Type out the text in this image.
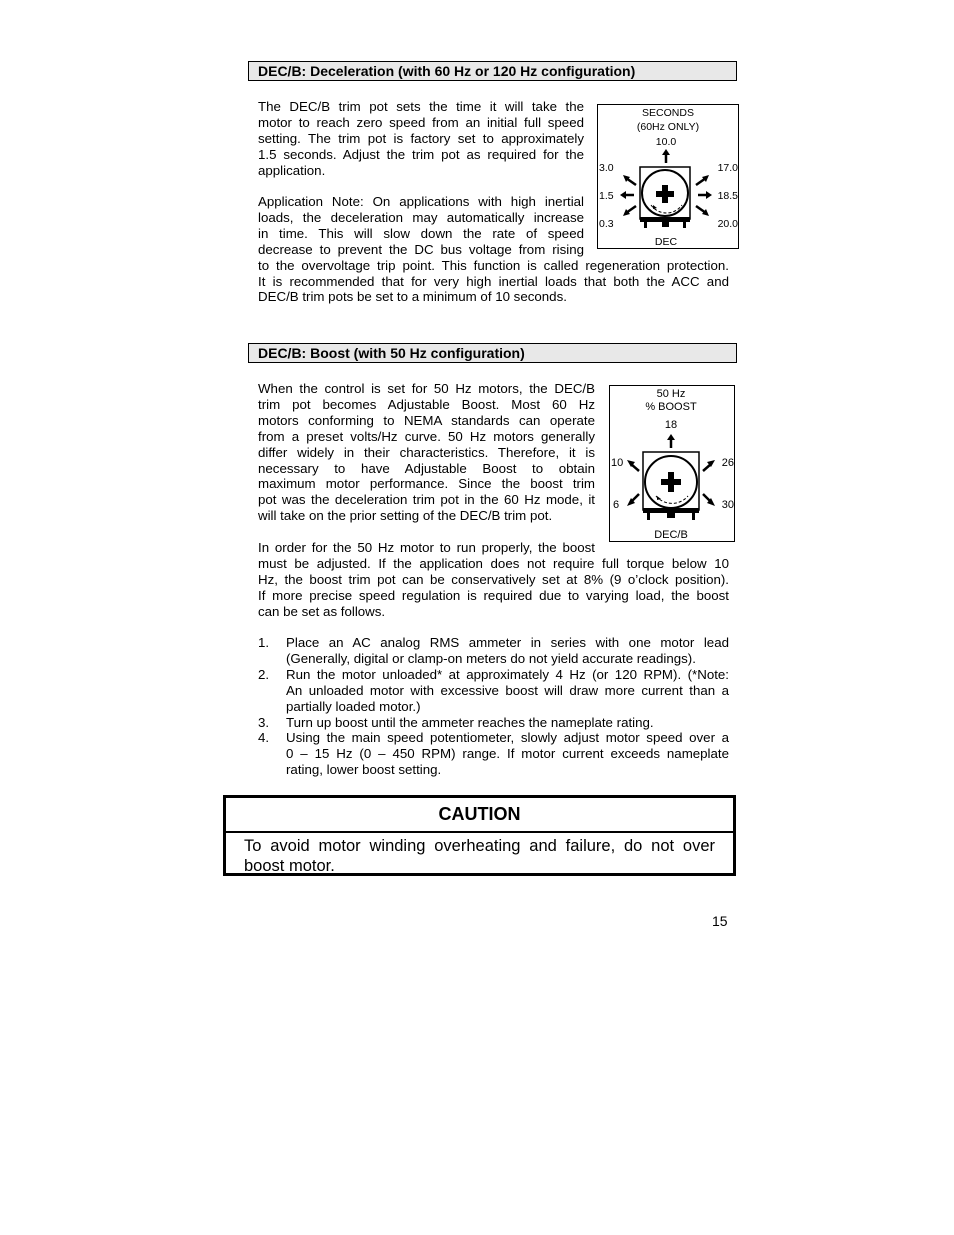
DEC/B: Deceleration (with 60 Hz or 120 Hz configuration)

The DEC/B trim pot sets the time it will take the
motor to reach zero speed from an initial full speed
setting. The trim pot is factory set to approximately
1.5 seconds. Adjust the trim pot as required for the
application.

Application Note: On applications with high inertial
loads, the deceleration may automatically increase
in time. This will slow down the rate of speed
decrease to prevent the DC bus voltage from rising
to the overvoltage trip point. This function is called regeneration protection.
It is recommended that for very high inertial loads that both the ACC and
DEC/B trim pots be set to a minimum of 10 seconds.

SECONDS
(60Hz ONLY)
10.0
3.0
1.5
0.3
17.0
18.5
20.0
DEC
DEC/B: Boost (with 50 Hz configuration)

When the control is set for 50 Hz motors, the DEC/B
trim pot becomes Adjustable Boost. Most 60 Hz
motors conforming to NEMA standards can operate
from a preset volts/Hz curve. 50 Hz motors generally
differ widely in their characteristics. Therefore, it is
necessary to have Adjustable Boost to obtain
maximum motor performance. Since the boost trim
pot was the deceleration trim pot in the 60 Hz mode, it
will take on the prior setting of the DEC/B trim pot.

In order for the 50 Hz motor to run properly, the boost
must be adjusted. If the application does not require full torque below 10
Hz, the boost trim pot can be conservatively set at 8% (9 o’clock position).
If more precise speed regulation is required due to varying load, the boost
can be set as follows.

50 Hz
% BOOST
18
10
6
26
30
DEC/B
1. Place an AC analog RMS ammeter in series with one motor lead
(Generally, digital or clamp-on meters do not yield accurate readings).
2. Run the motor unloaded* at approximately 4 Hz (or 120 RPM). (*Note:
An unloaded motor with excessive boost will draw more current than a
partially loaded motor.)
3. Turn up boost until the ammeter reaches the nameplate rating.
4. Using the main speed potentiometer, slowly adjust motor speed over a
0 – 15 Hz (0 – 450 RPM) range. If motor current exceeds nameplate
rating, lower boost setting.
CAUTION
To avoid motor winding overheating and failure, do not over
boost motor.
15
